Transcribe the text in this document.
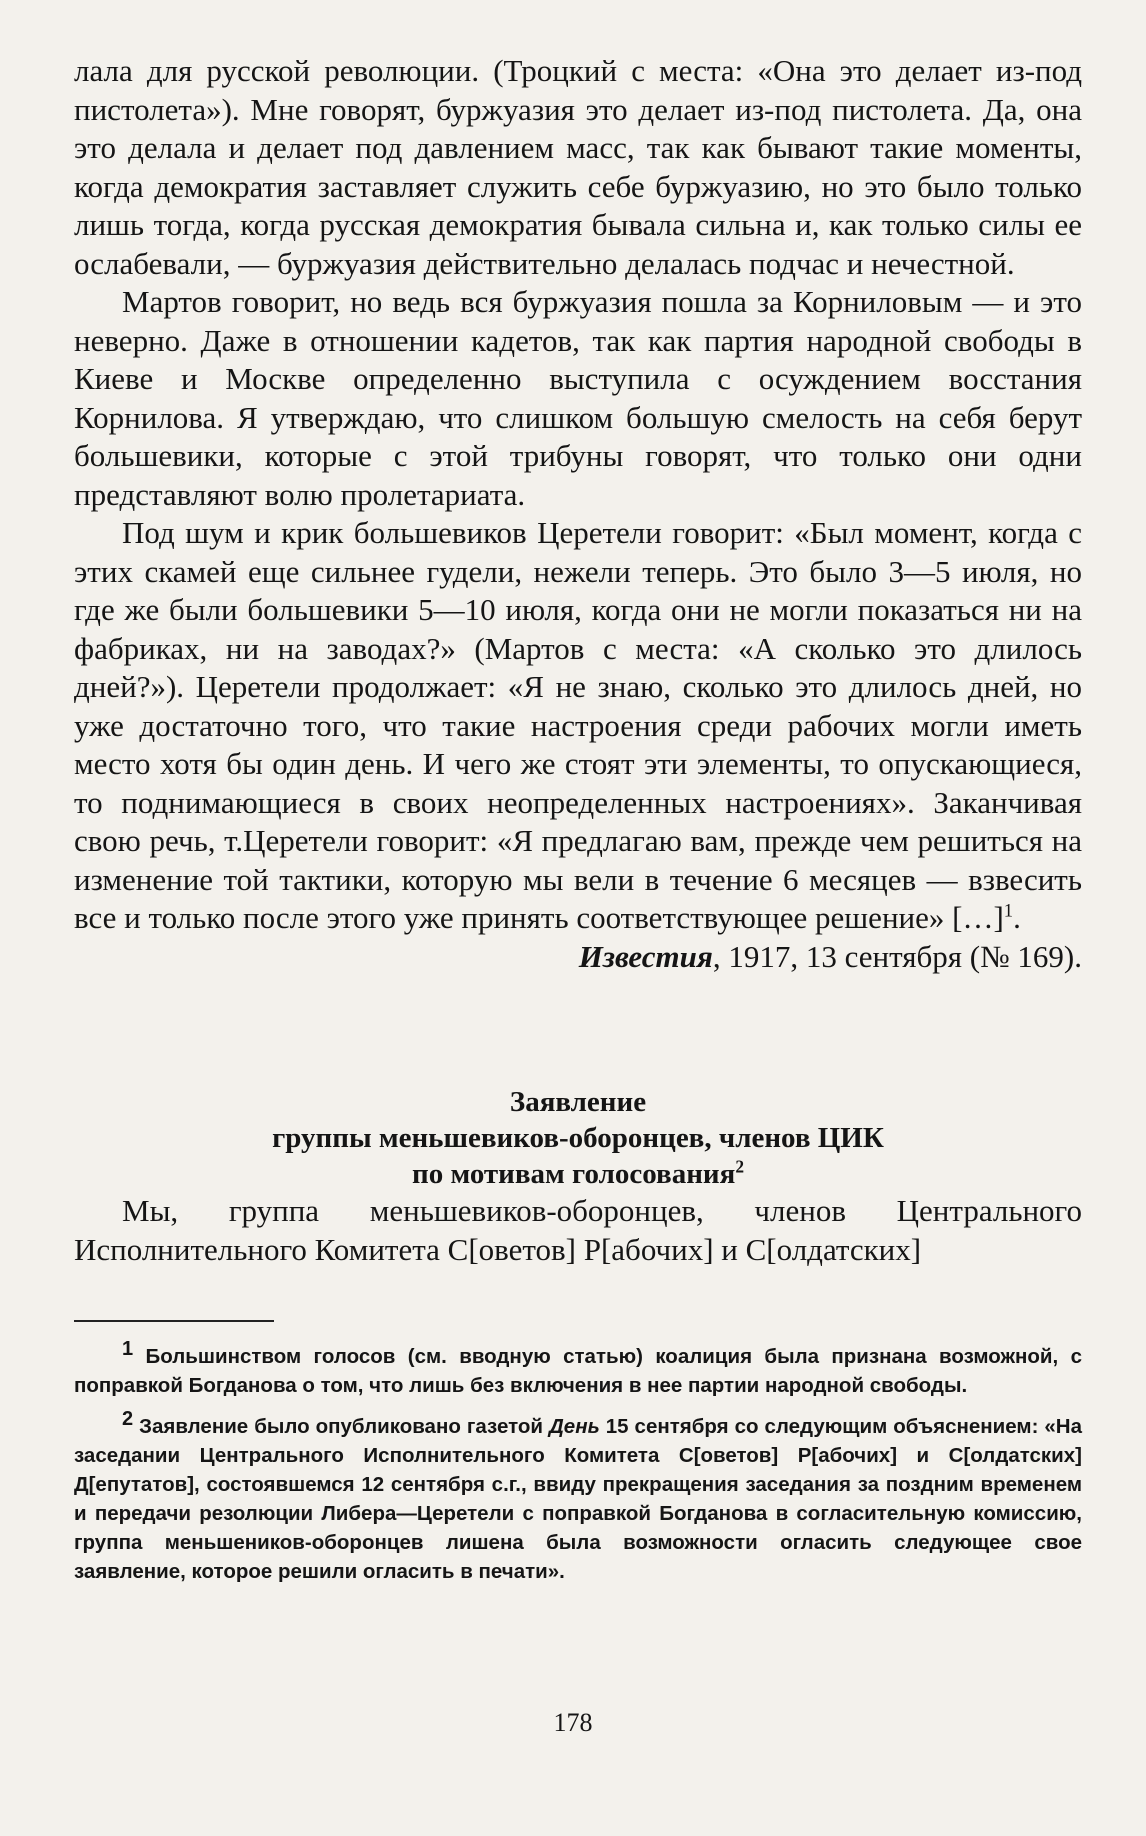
лала для русской революции. (Троцкий с места: «Она это делает из-под пистолета»). Мне говорят, буржуазия это делает из-под пистолета. Да, она это делала и делает под давлением масс, так как бывают такие моменты, когда демократия заставляет служить себе буржуазию, но это было только лишь тогда, когда русская демократия бывала сильна и, как только силы ее ослабевали, — буржуазия действительно делалась подчас и нечестной.

Мартов говорит, но ведь вся буржуазия пошла за Корниловым — и это неверно. Даже в отношении кадетов, так как партия народной свободы в Киеве и Москве определенно выступила с осуждением восстания Корнилова. Я утверждаю, что слишком большую смелость на себя берут большевики, которые с этой трибуны говорят, что только они одни представляют волю пролетариата.

Под шум и крик большевиков Церетели говорит: «Был момент, когда с этих скамей еще сильнее гудели, нежели теперь. Это было 3—5 июля, но где же были большевики 5—10 июля, когда они не могли показаться ни на фабриках, ни на заводах?» (Мартов с места: «А сколько это длилось дней?»). Церетели продолжает: «Я не знаю, сколько это длилось дней, но уже достаточно того, что такие настроения среди рабочих могли иметь место хотя бы один день. И чего же стоят эти элементы, то опускающиеся, то поднимающиеся в своих неопределенных настроениях». Заканчивая свою речь, т.Церетели говорит: «Я предлагаю вам, прежде чем решиться на изменение той тактики, которую мы вели в течение 6 месяцев — взвесить все и только после этого уже принять соответствующее решение» […]$^1$.

Известия, 1917, 13 сентября (№ 169).

Заявление
группы меньшевиков-оборонцев, членов ЦИК
по мотивам голосования$^2$

Мы, группа меньшевиков-оборонцев, членов Центрального Исполнительного Комитета С[оветов] Р[абочих] и С[олдатских]

$^1$ Большинством голосов (см. вводную статью) коалиция была признана возможной, с поправкой Богданова о том, что лишь без включения в нее партии народной свободы.

$^2$ Заявление было опубликовано газетой День 15 сентября со следующим объяснением: «На заседании Центрального Исполнительного Комитета С[оветов] Р[абочих] и С[олдатских] Д[епутатов], состоявшемся 12 сентября с.г., ввиду прекращения заседания за поздним временем и передачи резолюции Либера—Церетели с поправкой Богданова в согласительную комиссию, группа меньшеников-оборонцев лишена была возможности огласить следующее свое заявление, которое решили огласить в печати».

178
